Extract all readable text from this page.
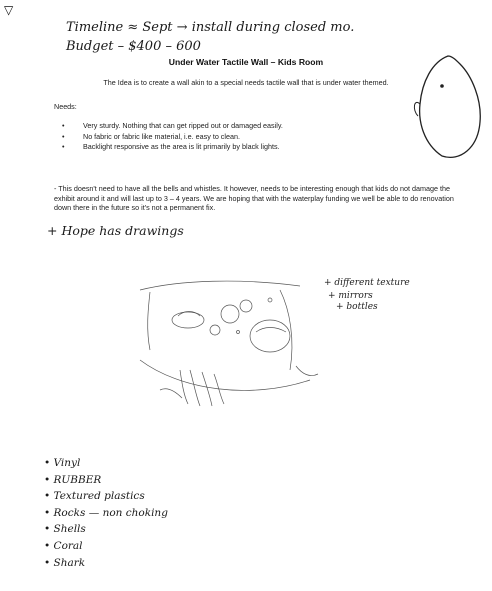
▽
Timeline ≈ Sept → install during closed mo.
Budget – $400 – 600
Under Water Tactile Wall – Kids Room
The Idea is to create a wall akin to a special needs tactile wall that is under water themed.
Needs:
•	Very sturdy. Nothing that can get ripped out or damaged easily.
•	No fabric or fabric like material, i.e. easy to clean.
•	Backlight responsive as the area is lit primarily by black lights.
- This doesn't need to have all the bells and whistles. It however, needs to be interesting enough that kids do not damage the exhibit around it and will last up to 3 – 4 years. We are hoping that with the waterplay funding we well be able to do renovation down there in the future so it's not a permanent fix.
+ Hope has drawings
+ different texture
+ mirrors
+ bottles
• Vinyl
• RUBBER
• Textured plastics
• Rocks — non choking
• Shells
• Coral
• Shark
